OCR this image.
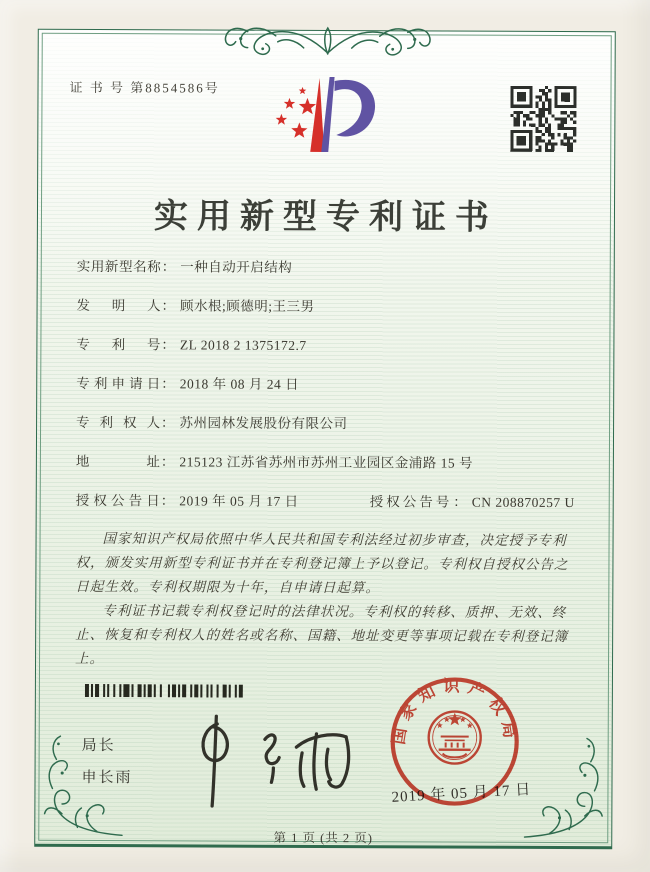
证 书 号 第8854586号
实用新型专利证书
实用新型名称： 一种自动开启结构
发明人： 顾水根;顾德明;王三男
专利号： ZL 2018 2 1375172.7
专利申请日： 2018 年 08 月 24 日
专利权人： 苏州园林发展股份有限公司
地址： 215123 江苏省苏州市苏州工业园区金浦路 15 号
授权公告日： 2019 年 05 月 17 日	授权公告号： CN 208870257 U

国家知识产权局依照中华人民共和国专利法经过初步审查，决定授予专利权，颁发实用新型专利证书并在专利登记簿上予以登记。专利权自授权公告之日起生效。专利权期限为十年，自申请日起算。

专利证书记载专利权登记时的法律状况。专利权的转移、质押、无效、终止、恢复和专利权人的姓名或名称、国籍、地址变更等事项记载在专利登记簿上。

局长
申长雨
2019 年 05 月 17 日
国家知识产权局
第 1 页 (共 2 页)
